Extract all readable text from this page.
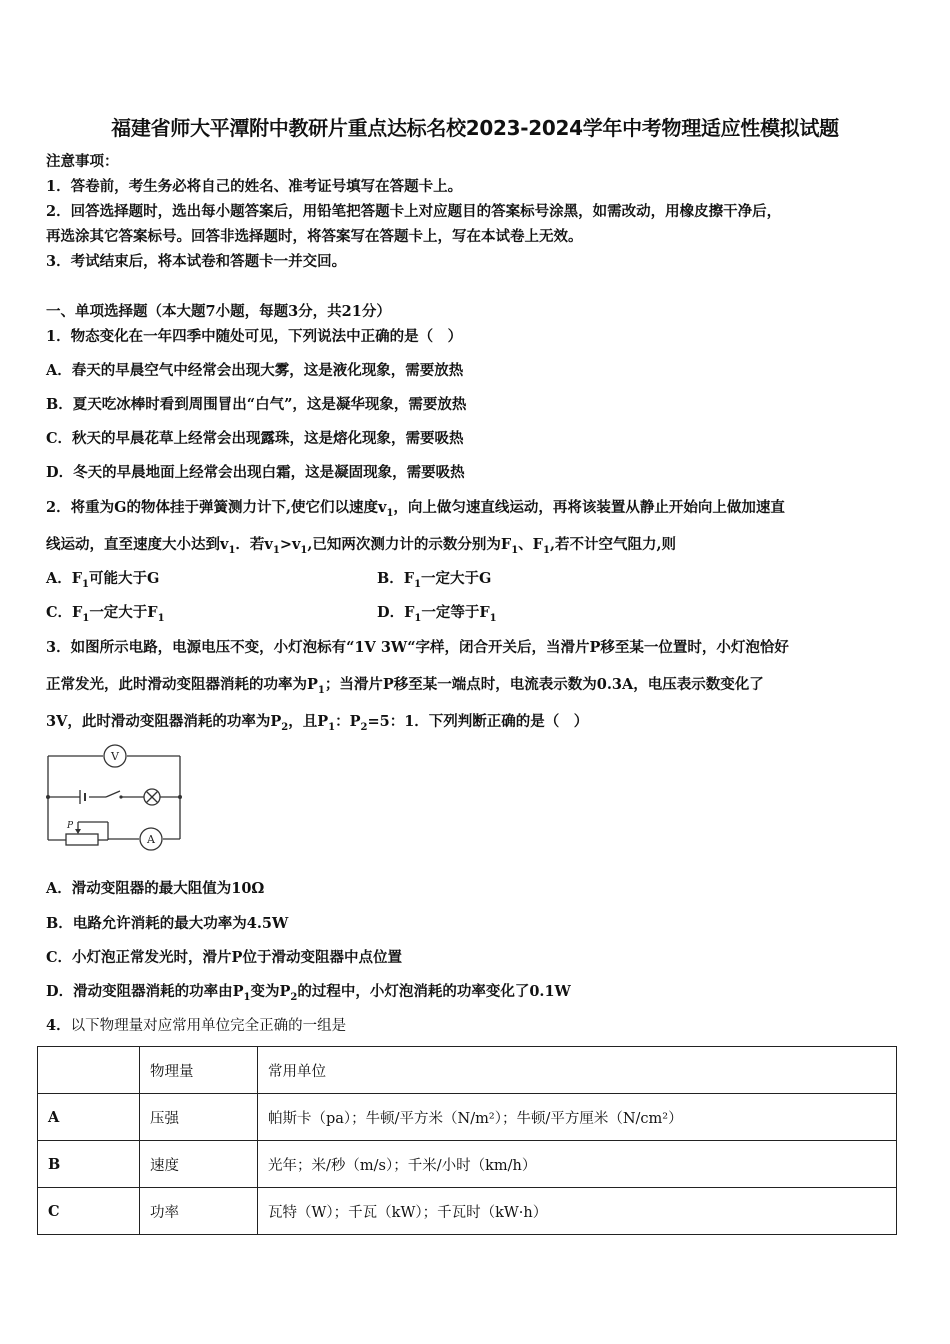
福建省师大平潭附中教研片重点达标名校2023-2024学年中考物理适应性模拟试题
注意事项：
1．答卷前，考生务必将自己的姓名、准考证号填写在答题卡上。
2．回答选择题时，选出每小题答案后，用铅笔把答题卡上对应题目的答案标号涂黑，如需改动，用橡皮擦干净后，
再选涂其它答案标号。回答非选择题时，将答案写在答题卡上，写在本试卷上无效。
3．考试结束后，将本试卷和答题卡一并交回。
一、单项选择题（本大题7小题，每题3分，共21分）
1．物态变化在一年四季中随处可见，下列说法中正确的是（　）
A．春天的早晨空气中经常会出现大雾，这是液化现象，需要放热
B．夏天吃冰棒时看到周围冒出“白气”，这是凝华现象，需要放热
C．秋天的早晨花草上经常会出现露珠，这是熔化现象，需要吸热
D．冬天的早晨地面上经常会出现白霜，这是凝固现象，需要吸热
2．将重为G的物体挂于弹簧测力计下,使它们以速度$v_1$，向上做匀速直线运动，再将该装置从静止开始向上做加速直
线运动，直至速度大小达到$v_1$．若$v_1>v_1$,已知两次测力计的示数分别为$F_1$、$F_1$,若不计空气阻力,则
A．$F_1$可能大于G	B．$F_1$一定大于G
C．$F_1$一定大于$F_1$	D．$F_1$一定等于$F_1$
3．如图所示电路，电源电压不变，小灯泡标有“1V 3W“字样，闭合开关后，当滑片P移至某一位置时，小灯泡恰好
正常发光，此时滑动变阻器消耗的功率为$P_1$；当滑片P移至某一端点时，电流表示数为0.3A，电压表示数变化了
3V，此时滑动变阻器消耗的功率为$P_2$，且$P_1$：$P_2=5$：1．下列判断正确的是（　）
V
A
P
A．滑动变阻器的最大阻值为10Ω
B．电路允许消耗的最大功率为4.5W
C．小灯泡正常发光时，滑片P位于滑动变阻器中点位置
D．滑动变阻器消耗的功率由$P_1$变为$P_2$的过程中，小灯泡消耗的功率变化了0.1W
4．以下物理量对应常用单位完全正确的一组是
	物理量	常用单位
A	压强	帕斯卡（pa）；牛顿/平方米（N/m²）；牛顿/平方厘米（N/cm²）
B	速度	光年；米/秒（m/s）；千米/小时（km/h）
C	功率	瓦特（W）；千瓦（kW）；千瓦时（kW·h）
